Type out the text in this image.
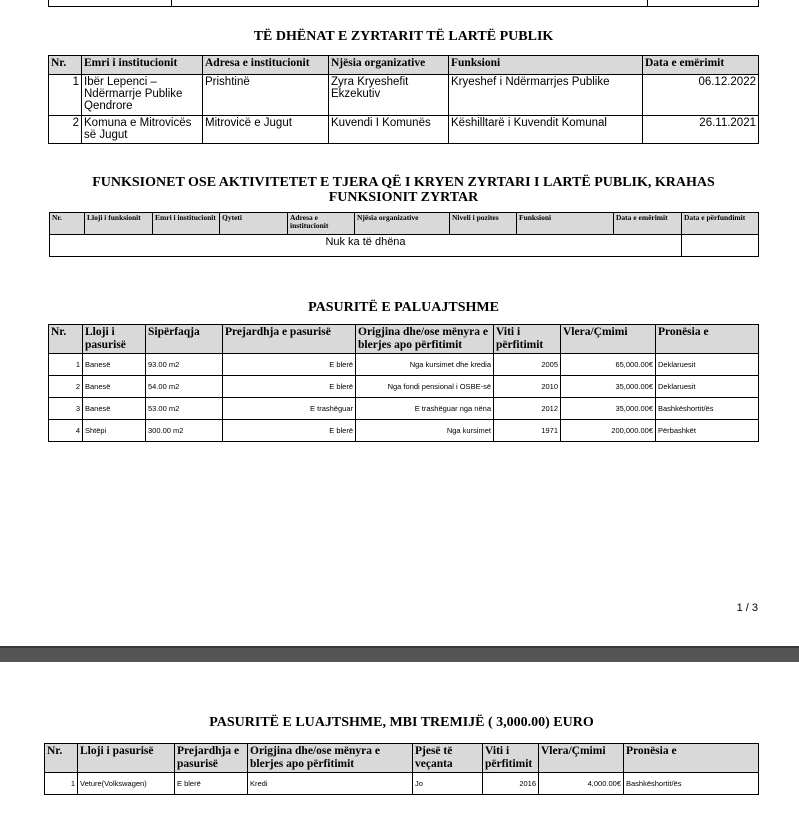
TË DHËNAT E ZYRTARIT TË LARTË PUBLIK
Nr.	Emri i institucionit	Adresa e institucionit	Njësia organizative	Funksioni	Data e emërimit
1	Ibër Lepenci –Ndërmarrje Publike Qendrore	Prishtinë	Zyra Kryeshefit Ekzekutiv	Kryeshef i Ndërmarrjes Publike	06.12.2022
2	Komuna e Mitrovicës së Jugut	Mitrovicë e Jugut	Kuvendi I Komunës	Këshilltarë i Kuvendit Komunal	26.11.2021
FUNKSIONET OSE AKTIVITETET E TJERA QË I KRYEN ZYRTARI I LARTË PUBLIK, KRAHAS FUNKSIONIT ZYRTAR
Nr.	Lloji i funksionit	Emri i institucionit	Qyteti	Adresa e institucionit	Njësia organizative	Niveli i pozites	Funksioni	Data e emërimit	Data e përfundimit
Nuk ka të dhëna									
PASURITË E PALUAJTSHME
Nr.	Lloji i pasurisë	Sipërfaqja	Prejardhja e pasurisë	Origjina dhe/ose mënyra e blerjes apo përfitimit	Viti i përfitimit	Vlera/Çmimi	Pronësia e
1	Banesë	93.00 m2	E blerë	Nga kursimet dhe kredia	2005	65,000.00€	Deklaruesit
2	Banesë	54.00 m2	E blerë	Nga fondi pensional i OSBE-së	2010	35,000.00€	Deklaruesit
3	Banesë	53.00 m2	E trashëguar	E trashëguar nga nëna	2012	35,000.00€	Bashkëshortit/ës
4	Shtëpi	300.00 m2	E blerë	Nga kursimet	1971	200,000.00€	Përbashkët
1 / 3
PASURITË E LUAJTSHME, MBI TREMIJË ( 3,000.00) EURO
Nr.	Lloji i pasurisë	Prejardhja e pasurisë	Origjina dhe/ose mënyra e blerjes apo përfitimit	Pjesë të veçanta	Viti i përfitimit	Vlera/Çmimi	Pronësia e
1	Veture(Volkswagen)	E blerë	Kredi	Jo	2016	4,000.00€	Bashkëshortit/ës
